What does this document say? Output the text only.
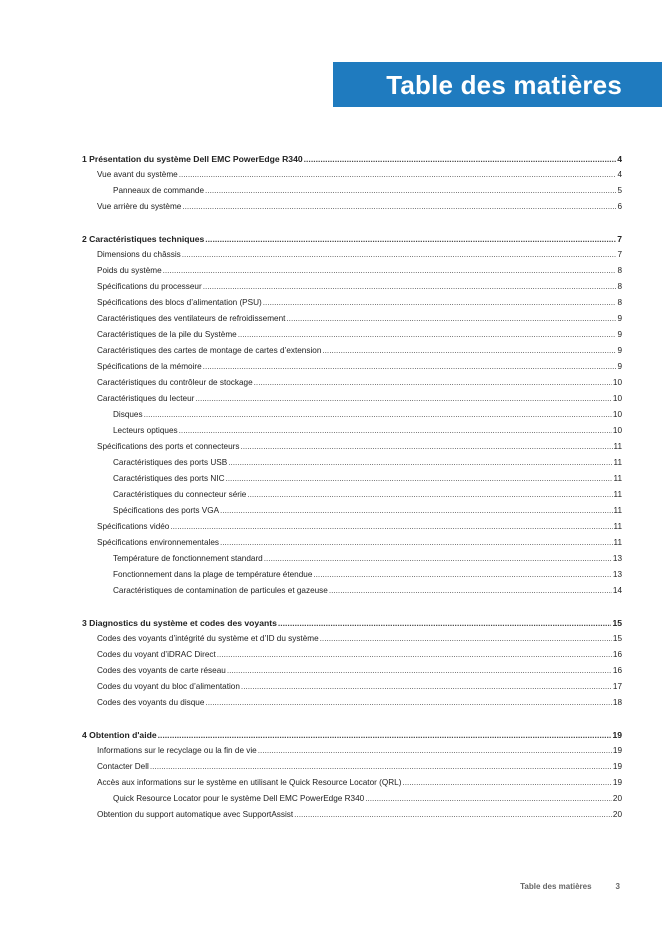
Table des matières
1 Présentation du système Dell EMC PowerEdge R340 .....	4
Vue avant du système .....	4
Panneaux de commande .....	5
Vue arrière du système .....	6
2 Caractéristiques techniques .....	7
Dimensions du châssis .....	7
Poids du système .....	8
Spécifications du processeur .....	8
Spécifications des blocs d’alimentation (PSU) .....	8
Caractéristiques des ventilateurs de refroidissement .....	9
Caractéristiques de la pile du Système .....	9
Caractéristiques des cartes de montage de cartes d’extension .....	9
Spécifications de la mémoire .....	9
Caractéristiques du contrôleur de stockage .....	10
Caractéristiques du lecteur .....	10
Disques .....	10
Lecteurs optiques .....	10
Spécifications des ports et connecteurs .....	11
Caractéristiques des ports USB .....	11
Caractéristiques des ports NIC .....	11
Caractéristiques du connecteur série .....	11
Spécifications des ports VGA .....	11
Spécifications vidéo .....	11
Spécifications environnementales .....	11
Température de fonctionnement standard .....	13
Fonctionnement dans la plage de température étendue .....	13
Caractéristiques de contamination de particules et gazeuse .....	14
3 Diagnostics du système et codes des voyants .....	15
Codes des voyants d’intégrité du système et d’ID du système .....	15
Codes du voyant d’iDRAC Direct .....	16
Codes des voyants de carte réseau .....	16
Codes du voyant du bloc d’alimentation .....	17
Codes des voyants du disque .....	18
4 Obtention d'aide .....	19
Informations sur le recyclage ou la fin de vie .....	19
Contacter Dell .....	19
Accès aux informations sur le système en utilisant le Quick Resource Locator (QRL) .....	19
Quick Resource Locator pour le système Dell EMC PowerEdge R340 .....	20
Obtention du support automatique avec SupportAssist .....	20
Table des matières	3
